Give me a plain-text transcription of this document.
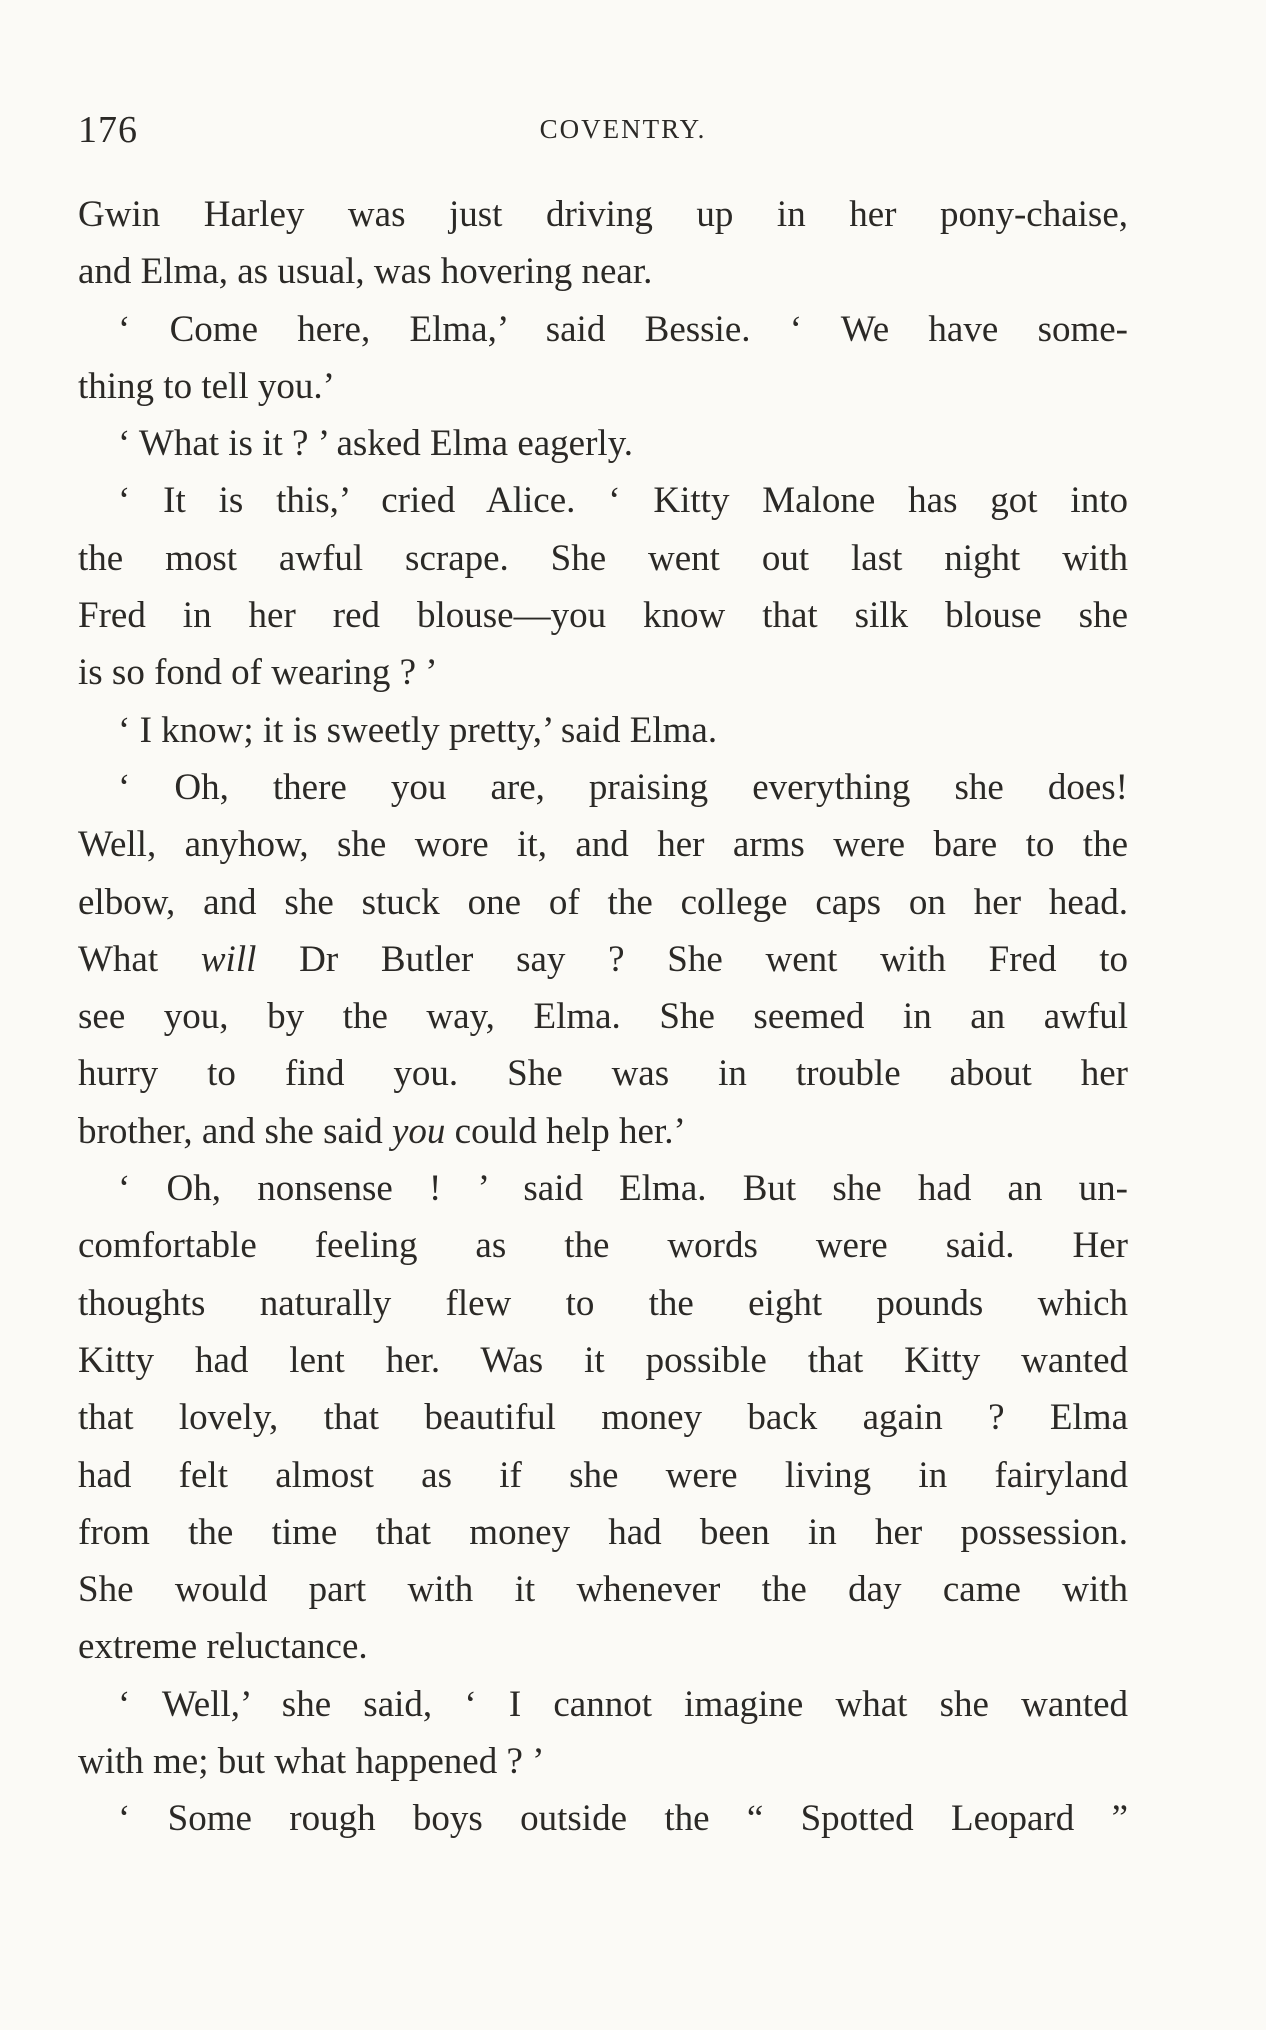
176	COVENTRY.
Gwin Harley was just driving up in her pony-chaise,
and Elma, as usual, was hovering near.
‘ Come here, Elma,’ said Bessie. ‘ We have some-
thing to tell you.’
‘ What is it ? ’ asked Elma eagerly.
‘ It is this,’ cried Alice. ‘ Kitty Malone has got into
the most awful scrape. She went out last night with
Fred in her red blouse—you know that silk blouse she
is so fond of wearing ? ’
‘ I know; it is sweetly pretty,’ said Elma.
‘ Oh, there you are, praising everything she does!
Well, anyhow, she wore it, and her arms were bare to the
elbow, and she stuck one of the college caps on her head.
What will Dr Butler say ? She went with Fred to
see you, by the way, Elma. She seemed in an awful
hurry to find you. She was in trouble about her
brother, and she said you could help her.’
‘ Oh, nonsense ! ’ said Elma. But she had an un-
comfortable feeling as the words were said. Her
thoughts naturally flew to the eight pounds which
Kitty had lent her. Was it possible that Kitty wanted
that lovely, that beautiful money back again ? Elma
had felt almost as if she were living in fairyland
from the time that money had been in her possession.
She would part with it whenever the day came with
extreme reluctance.
‘ Well,’ she said, ‘ I cannot imagine what she wanted
with me; but what happened ? ’
‘ Some rough boys outside the “ Spotted Leopard ”
